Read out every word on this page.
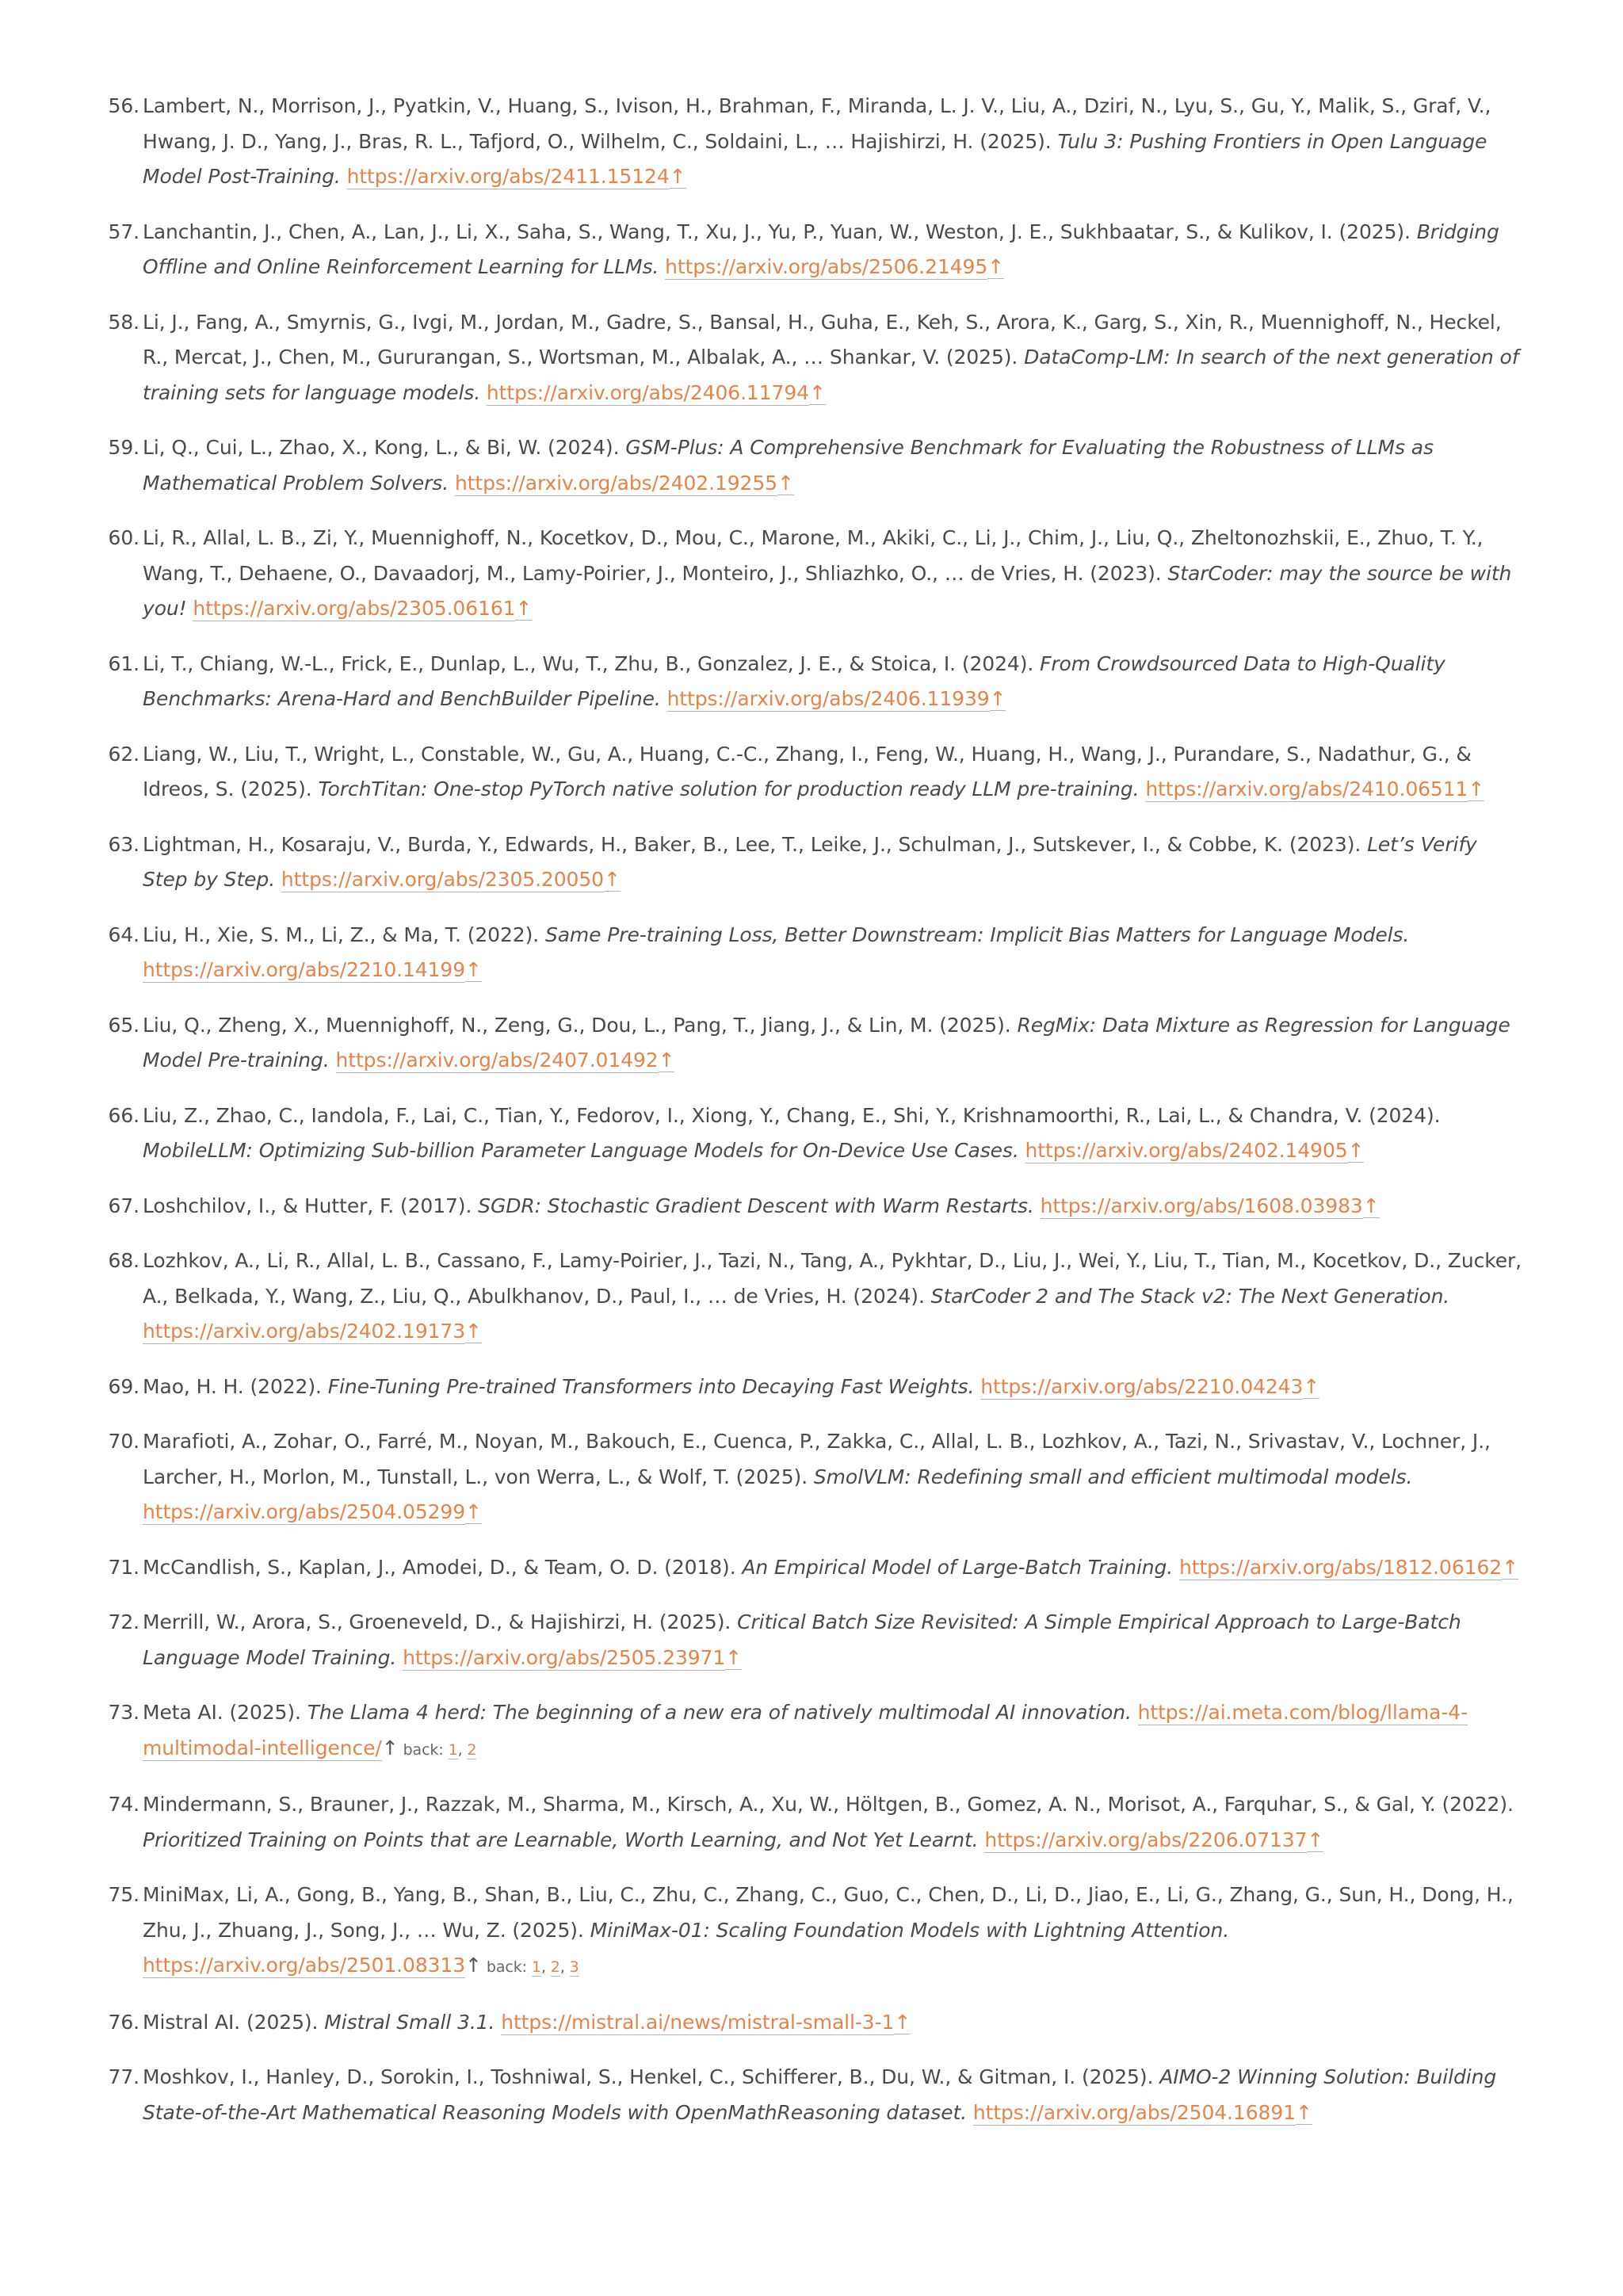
56. Lambert, N., Morrison, J., Pyatkin, V., Huang, S., Ivison, H., Brahman, F., Miranda, L. J. V., Liu, A., Dziri, N., Lyu, S., Gu, Y., Malik, S., Graf, V., Hwang, J. D., Yang, J., Bras, R. L., Tafjord, O., Wilhelm, C., Soldaini, L., … Hajishirzi, H. (2025). Tulu 3: Pushing Frontiers in Open Language Model Post-Training. https://arxiv.org/abs/2411.15124↑
57. Lanchantin, J., Chen, A., Lan, J., Li, X., Saha, S., Wang, T., Xu, J., Yu, P., Yuan, W., Weston, J. E., Sukhbaatar, S., & Kulikov, I. (2025). Bridging Offline and Online Reinforcement Learning for LLMs. https://arxiv.org/abs/2506.21495↑
58. Li, J., Fang, A., Smyrnis, G., Ivgi, M., Jordan, M., Gadre, S., Bansal, H., Guha, E., Keh, S., Arora, K., Garg, S., Xin, R., Muennighoff, N., Heckel, R., Mercat, J., Chen, M., Gururangan, S., Wortsman, M., Albalak, A., … Shankar, V. (2025). DataComp-LM: In search of the next generation of training sets for language models. https://arxiv.org/abs/2406.11794↑
59. Li, Q., Cui, L., Zhao, X., Kong, L., & Bi, W. (2024). GSM-Plus: A Comprehensive Benchmark for Evaluating the Robustness of LLMs as Mathematical Problem Solvers. https://arxiv.org/abs/2402.19255↑
60. Li, R., Allal, L. B., Zi, Y., Muennighoff, N., Kocetkov, D., Mou, C., Marone, M., Akiki, C., Li, J., Chim, J., Liu, Q., Zheltonozhskii, E., Zhuo, T. Y., Wang, T., Dehaene, O., Davaadorj, M., Lamy-Poirier, J., Monteiro, J., Shliazhko, O., … de Vries, H. (2023). StarCoder: may the source be with you! https://arxiv.org/abs/2305.06161↑
61. Li, T., Chiang, W.-L., Frick, E., Dunlap, L., Wu, T., Zhu, B., Gonzalez, J. E., & Stoica, I. (2024). From Crowdsourced Data to High-Quality Benchmarks: Arena-Hard and BenchBuilder Pipeline. https://arxiv.org/abs/2406.11939↑
62. Liang, W., Liu, T., Wright, L., Constable, W., Gu, A., Huang, C.-C., Zhang, I., Feng, W., Huang, H., Wang, J., Purandare, S., Nadathur, G., & Idreos, S. (2025). TorchTitan: One-stop PyTorch native solution for production ready LLM pre-training. https://arxiv.org/abs/2410.06511↑
63. Lightman, H., Kosaraju, V., Burda, Y., Edwards, H., Baker, B., Lee, T., Leike, J., Schulman, J., Sutskever, I., & Cobbe, K. (2023). Let’s Verify Step by Step. https://arxiv.org/abs/2305.20050↑
64. Liu, H., Xie, S. M., Li, Z., & Ma, T. (2022). Same Pre-training Loss, Better Downstream: Implicit Bias Matters for Language Models. https://arxiv.org/abs/2210.14199↑
65. Liu, Q., Zheng, X., Muennighoff, N., Zeng, G., Dou, L., Pang, T., Jiang, J., & Lin, M. (2025). RegMix: Data Mixture as Regression for Language Model Pre-training. https://arxiv.org/abs/2407.01492↑
66. Liu, Z., Zhao, C., Iandola, F., Lai, C., Tian, Y., Fedorov, I., Xiong, Y., Chang, E., Shi, Y., Krishnamoorthi, R., Lai, L., & Chandra, V. (2024). MobileLLM: Optimizing Sub-billion Parameter Language Models for On-Device Use Cases. https://arxiv.org/abs/2402.14905↑
67. Loshchilov, I., & Hutter, F. (2017). SGDR: Stochastic Gradient Descent with Warm Restarts. https://arxiv.org/abs/1608.03983↑
68. Lozhkov, A., Li, R., Allal, L. B., Cassano, F., Lamy-Poirier, J., Tazi, N., Tang, A., Pykhtar, D., Liu, J., Wei, Y., Liu, T., Tian, M., Kocetkov, D., Zucker, A., Belkada, Y., Wang, Z., Liu, Q., Abulkhanov, D., Paul, I., … de Vries, H. (2024). StarCoder 2 and The Stack v2: The Next Generation. https://arxiv.org/abs/2402.19173↑
69. Mao, H. H. (2022). Fine-Tuning Pre-trained Transformers into Decaying Fast Weights. https://arxiv.org/abs/2210.04243↑
70. Marafioti, A., Zohar, O., Farré, M., Noyan, M., Bakouch, E., Cuenca, P., Zakka, C., Allal, L. B., Lozhkov, A., Tazi, N., Srivastav, V., Lochner, J., Larcher, H., Morlon, M., Tunstall, L., von Werra, L., & Wolf, T. (2025). SmolVLM: Redefining small and efficient multimodal models. https://arxiv.org/abs/2504.05299↑
71. McCandlish, S., Kaplan, J., Amodei, D., & Team, O. D. (2018). An Empirical Model of Large-Batch Training. https://arxiv.org/abs/1812.06162↑
72. Merrill, W., Arora, S., Groeneveld, D., & Hajishirzi, H. (2025). Critical Batch Size Revisited: A Simple Empirical Approach to Large-Batch Language Model Training. https://arxiv.org/abs/2505.23971↑
73. Meta AI. (2025). The Llama 4 herd: The beginning of a new era of natively multimodal AI innovation. https://ai.meta.com/blog/llama-4-multimodal-intelligence/↑ back: 1, 2
74. Mindermann, S., Brauner, J., Razzak, M., Sharma, M., Kirsch, A., Xu, W., Höltgen, B., Gomez, A. N., Morisot, A., Farquhar, S., & Gal, Y. (2022). Prioritized Training on Points that are Learnable, Worth Learning, and Not Yet Learnt. https://arxiv.org/abs/2206.07137↑
75. MiniMax, Li, A., Gong, B., Yang, B., Shan, B., Liu, C., Zhu, C., Zhang, C., Guo, C., Chen, D., Li, D., Jiao, E., Li, G., Zhang, G., Sun, H., Dong, H., Zhu, J., Zhuang, J., Song, J., … Wu, Z. (2025). MiniMax-01: Scaling Foundation Models with Lightning Attention. https://arxiv.org/abs/2501.08313↑ back: 1, 2, 3
76. Mistral AI. (2025). Mistral Small 3.1. https://mistral.ai/news/mistral-small-3-1↑
77. Moshkov, I., Hanley, D., Sorokin, I., Toshniwal, S., Henkel, C., Schifferer, B., Du, W., & Gitman, I. (2025). AIMO-2 Winning Solution: Building State-of-the-Art Mathematical Reasoning Models with OpenMathReasoning dataset. https://arxiv.org/abs/2504.16891↑
